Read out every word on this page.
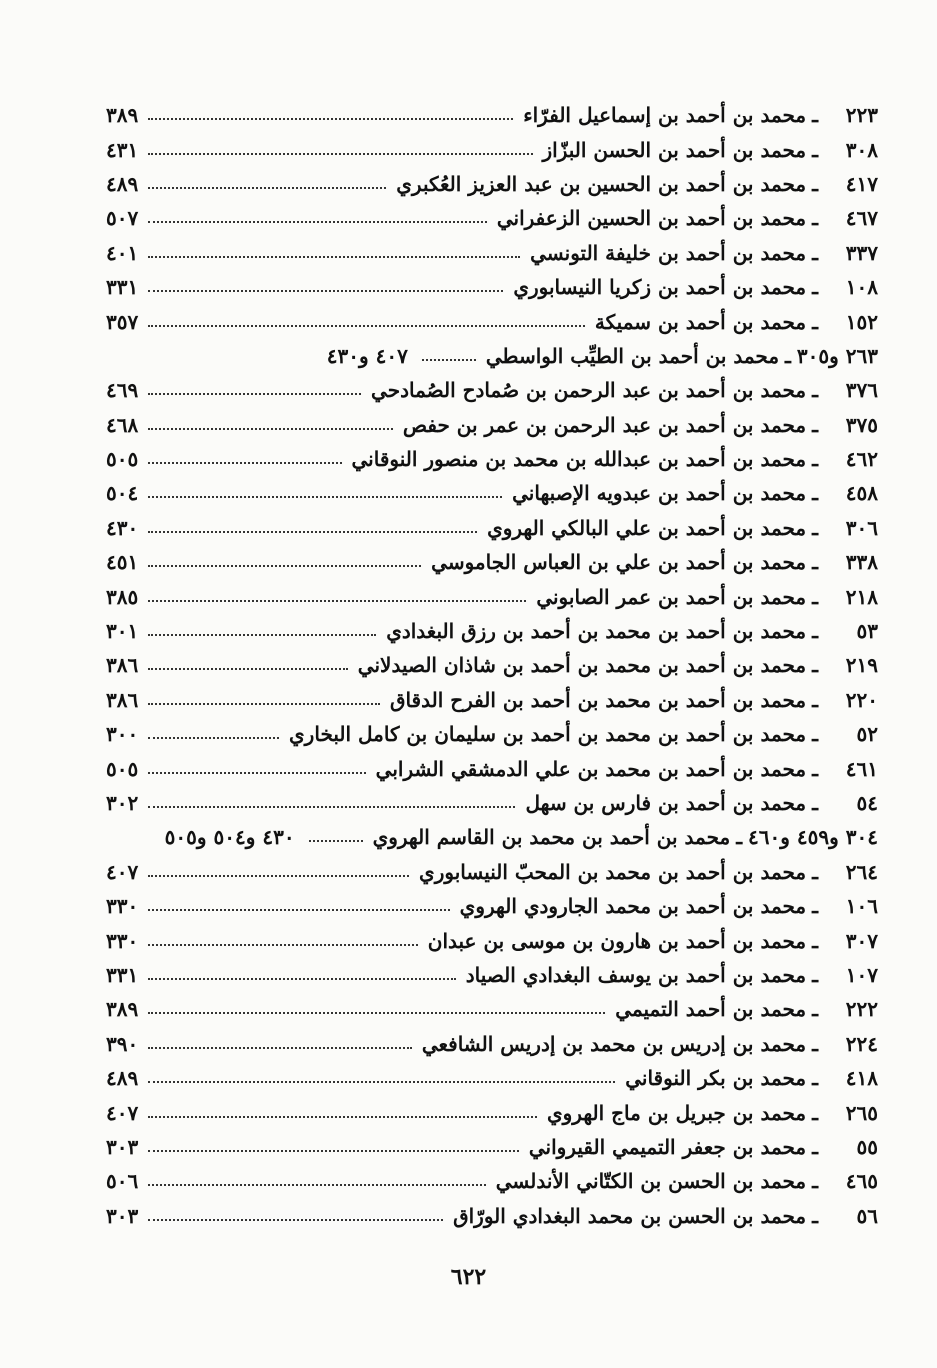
٢٢٣
ـ
محمد بن أحمد بن إسماعيل الفرّاء
٣٨٩
٣٠٨
ـ
محمد بن أحمد بن الحسن البزّاز
٤٣١
٤١٧
ـ
محمد بن أحمد بن الحسين بن عبد العزيز العُكبري
٤٨٩
٤٦٧
ـ
محمد بن أحمد بن الحسين الزعفراني
٥٠٧
٣٣٧
ـ
محمد بن أحمد بن خليفة التونسي
٤٠١
١٠٨
ـ
محمد بن أحمد بن زكريا النيسابوري
٣٣١
١٥٢
ـ
محمد بن أحمد بن سميكة
٣٥٧
٢٦٣ و٣٠٥
ـ
محمد بن أحمد بن الطيِّب الواسطي
٤٠٧ و٤٣٠
٣٧٦
ـ
محمد بن أحمد بن عبد الرحمن بن صُمادح الصُمادحي
٤٦٩
٣٧٥
ـ
محمد بن أحمد بن عبد الرحمن بن عمر بن حفص
٤٦٨
٤٦٢
ـ
محمد بن أحمد بن عبدالله بن محمد بن منصور النوقاني
٥٠٥
٤٥٨
ـ
محمد بن أحمد بن عبدويه الإصبهاني
٥٠٤
٣٠٦
ـ
محمد بن أحمد بن علي البالكي الهروي
٤٣٠
٣٣٨
ـ
محمد بن أحمد بن علي بن العباس الجاموسي
٤٥١
٢١٨
ـ
محمد بن أحمد بن عمر الصابوني
٣٨٥
٥٣
ـ
محمد بن أحمد بن محمد بن أحمد بن رزق البغدادي
٣٠١
٢١٩
ـ
محمد بن أحمد بن محمد بن أحمد بن شاذان الصيدلاني
٣٨٦
٢٢٠
ـ
محمد بن أحمد بن محمد بن أحمد بن الفرح الدقاق
٣٨٦
٥٢
ـ
محمد بن أحمد بن محمد بن أحمد بن سليمان بن كامل البخاري
٣٠٠
٤٦١
ـ
محمد بن أحمد بن محمد بن علي الدمشقي الشرابي
٥٠٥
٥٤
ـ
محمد بن أحمد بن فارس بن سهل
٣٠٢
٣٠٤ و٤٥٩ و٤٦٠
ـ
محمد بن أحمد بن محمد بن القاسم الهروي
٤٣٠ و٥٠٤ و٥٠٥
٢٦٤
ـ
محمد بن أحمد بن محمد بن المحبّ النيسابوري
٤٠٧
١٠٦
ـ
محمد بن أحمد بن محمد الجارودي الهروي
٣٣٠
٣٠٧
ـ
محمد بن أحمد بن هارون بن موسى بن عبدان
٣٣٠
١٠٧
ـ
محمد بن أحمد بن يوسف البغدادي الصياد
٣٣١
٢٢٢
ـ
محمد بن أحمد التميمي
٣٨٩
٢٢٤
ـ
محمد بن إدريس بن محمد بن إدريس الشافعي
٣٩٠
٤١٨
ـ
محمد بن بكر النوقاني
٤٨٩
٢٦٥
ـ
محمد بن جبريل بن ماج الهروي
٤٠٧
٥٥
ـ
محمد بن جعفر التميمي القيرواني
٣٠٣
٤٦٥
ـ
محمد بن الحسن بن الكتّاني الأندلسي
٥٠٦
٥٦
ـ
محمد بن الحسن بن محمد البغدادي الورّاق
٣٠٣
٦٢٢
